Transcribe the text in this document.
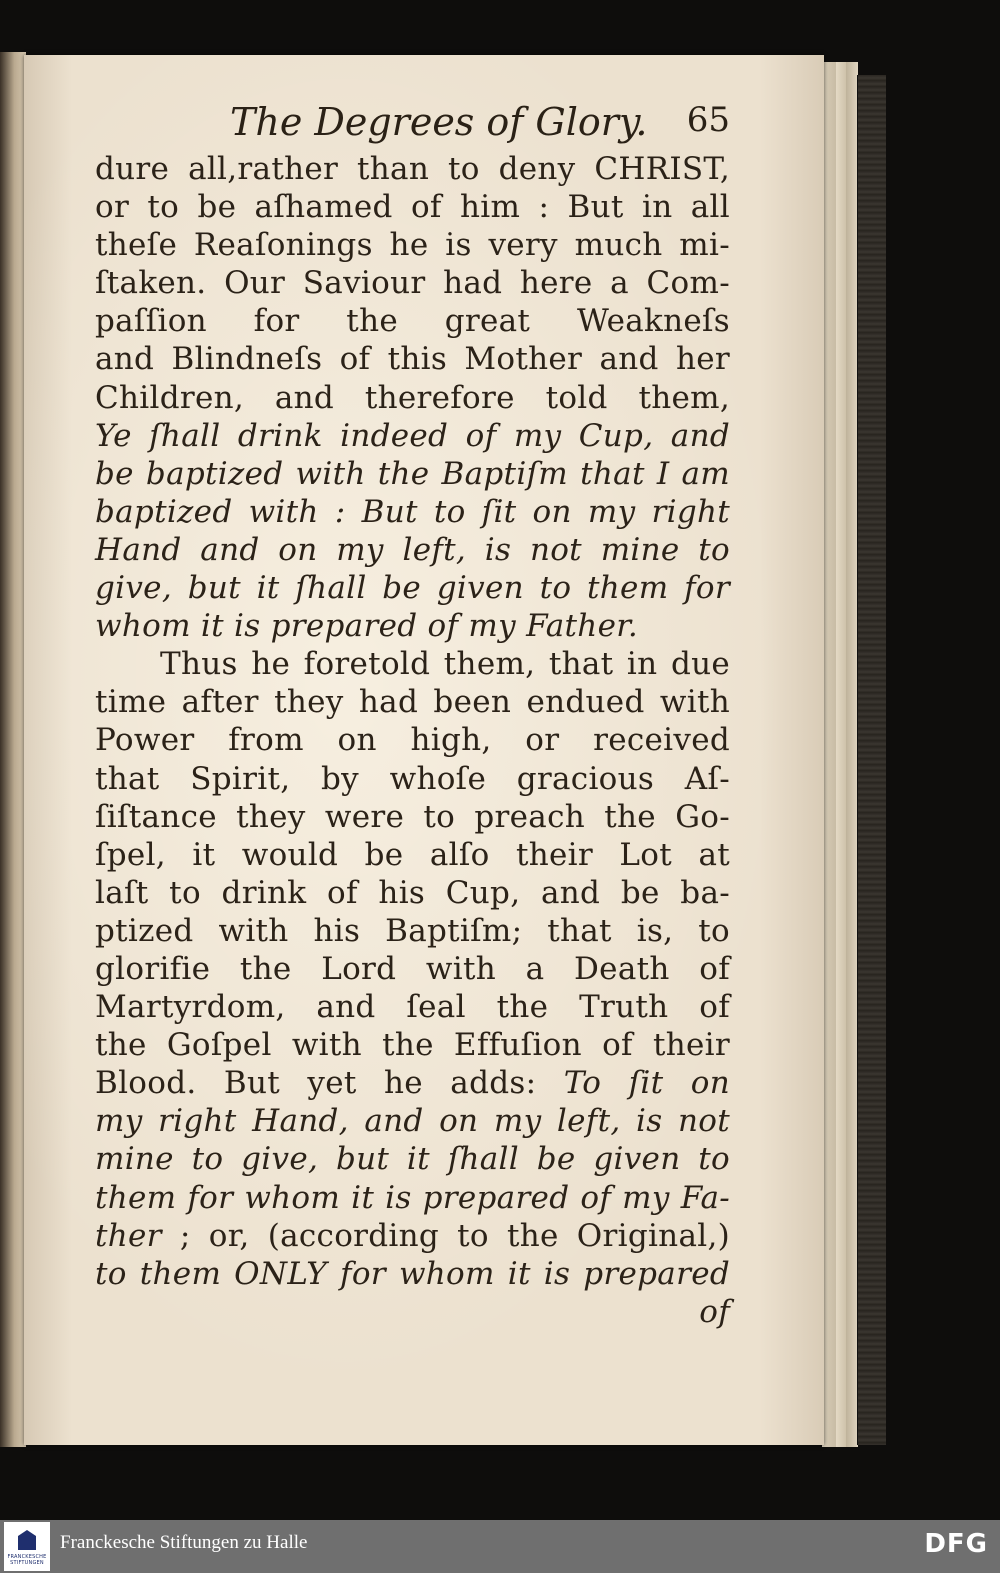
The Degrees of Glory. 65
dure all,rather than to deny CHRIST,
or to be aſhamed of him : But in all
theſe Reaſonings he is very much mi-
ſtaken. Our Saviour had here a Com-
paſſion for the great Weakneſs
and Blindneſs of this Mother and her
Children, and therefore told them,
Ye ſhall drink indeed of my Cup, and
be baptized with the Baptiſm that I am
baptized with : But to ſit on my right
Hand and on my left, is not mine to
give, but it ſhall be given to them for
whom it is prepared of my Father.
Thus he foretold them, that in due
time after they had been endued with
Power from on high, or received
that Spirit, by whoſe gracious Aſ-
ſiſtance they were to preach the Go-
ſpel, it would be alſo their Lot at
laſt to drink of his Cup, and be ba-
ptized with his Baptiſm; that is, to
glorifie the Lord with a Death of
Martyrdom, and ſeal the Truth of
the Goſpel with the Effuſion of their
Blood. But yet he adds: To ſit on
my right Hand, and on my left, is not
mine to give, but it ſhall be given to
them for whom it is prepared of my Fa-
ther ; or, (according to the Original,)
to them ONLY for whom it is prepared
of
FRANCKESCHE STIFTUNGEN
Franckesche Stiftungen zu Halle	DFG
